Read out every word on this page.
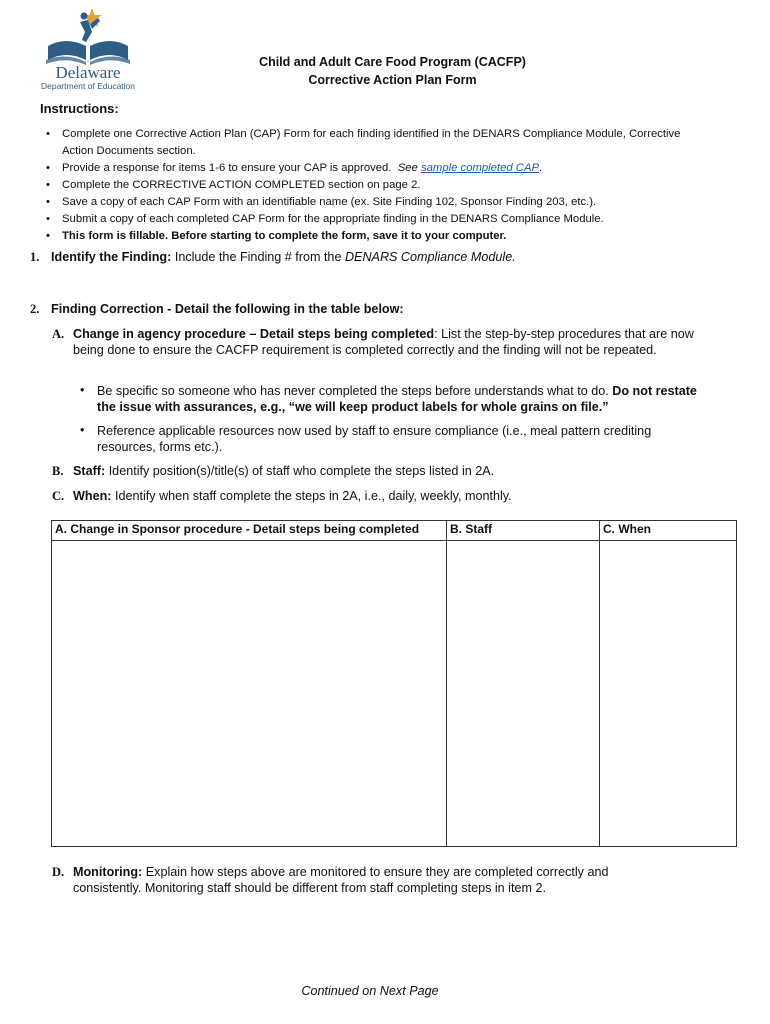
Delaware
Department of Education
Child and Adult Care Food Program (CACFP)
Corrective Action Plan Form
Instructions:
• Complete one Corrective Action Plan (CAP) Form for each finding identified in the DENARS Compliance Module, Corrective Action Documents section.
• Provide a response for items 1-6 to ensure your CAP is approved. See sample completed CAP.
• Complete the CORRECTIVE ACTION COMPLETED section on page 2.
• Save a copy of each CAP Form with an identifiable name (ex. Site Finding 102, Sponsor Finding 203, etc.).
• Submit a copy of each completed CAP Form for the appropriate finding in the DENARS Compliance Module.
• This form is fillable. Before starting to complete the form, save it to your computer.
1. Identify the Finding: Include the Finding # from the DENARS Compliance Module.
2. Finding Correction - Detail the following in the table below:
A. Change in agency procedure – Detail steps being completed: List the step-by-step procedures that are now being done to ensure the CACFP requirement is completed correctly and the finding will not be repeated.
• Be specific so someone who has never completed the steps before understands what to do. Do not restate the issue with assurances, e.g., “we will keep product labels for whole grains on file.”
• Reference applicable resources now used by staff to ensure compliance (i.e., meal pattern crediting resources, forms etc.).
B. Staff: Identify position(s)/title(s) of staff who complete the steps listed in 2A.
C. When: Identify when staff complete the steps in 2A, i.e., daily, weekly, monthly.
A. Change in Sponsor procedure - Detail steps being completed	B. Staff	C. When

D. Monitoring: Explain how steps above are monitored to ensure they are completed correctly and consistently. Monitoring staff should be different from staff completing steps in item 2.
Continued on Next Page
